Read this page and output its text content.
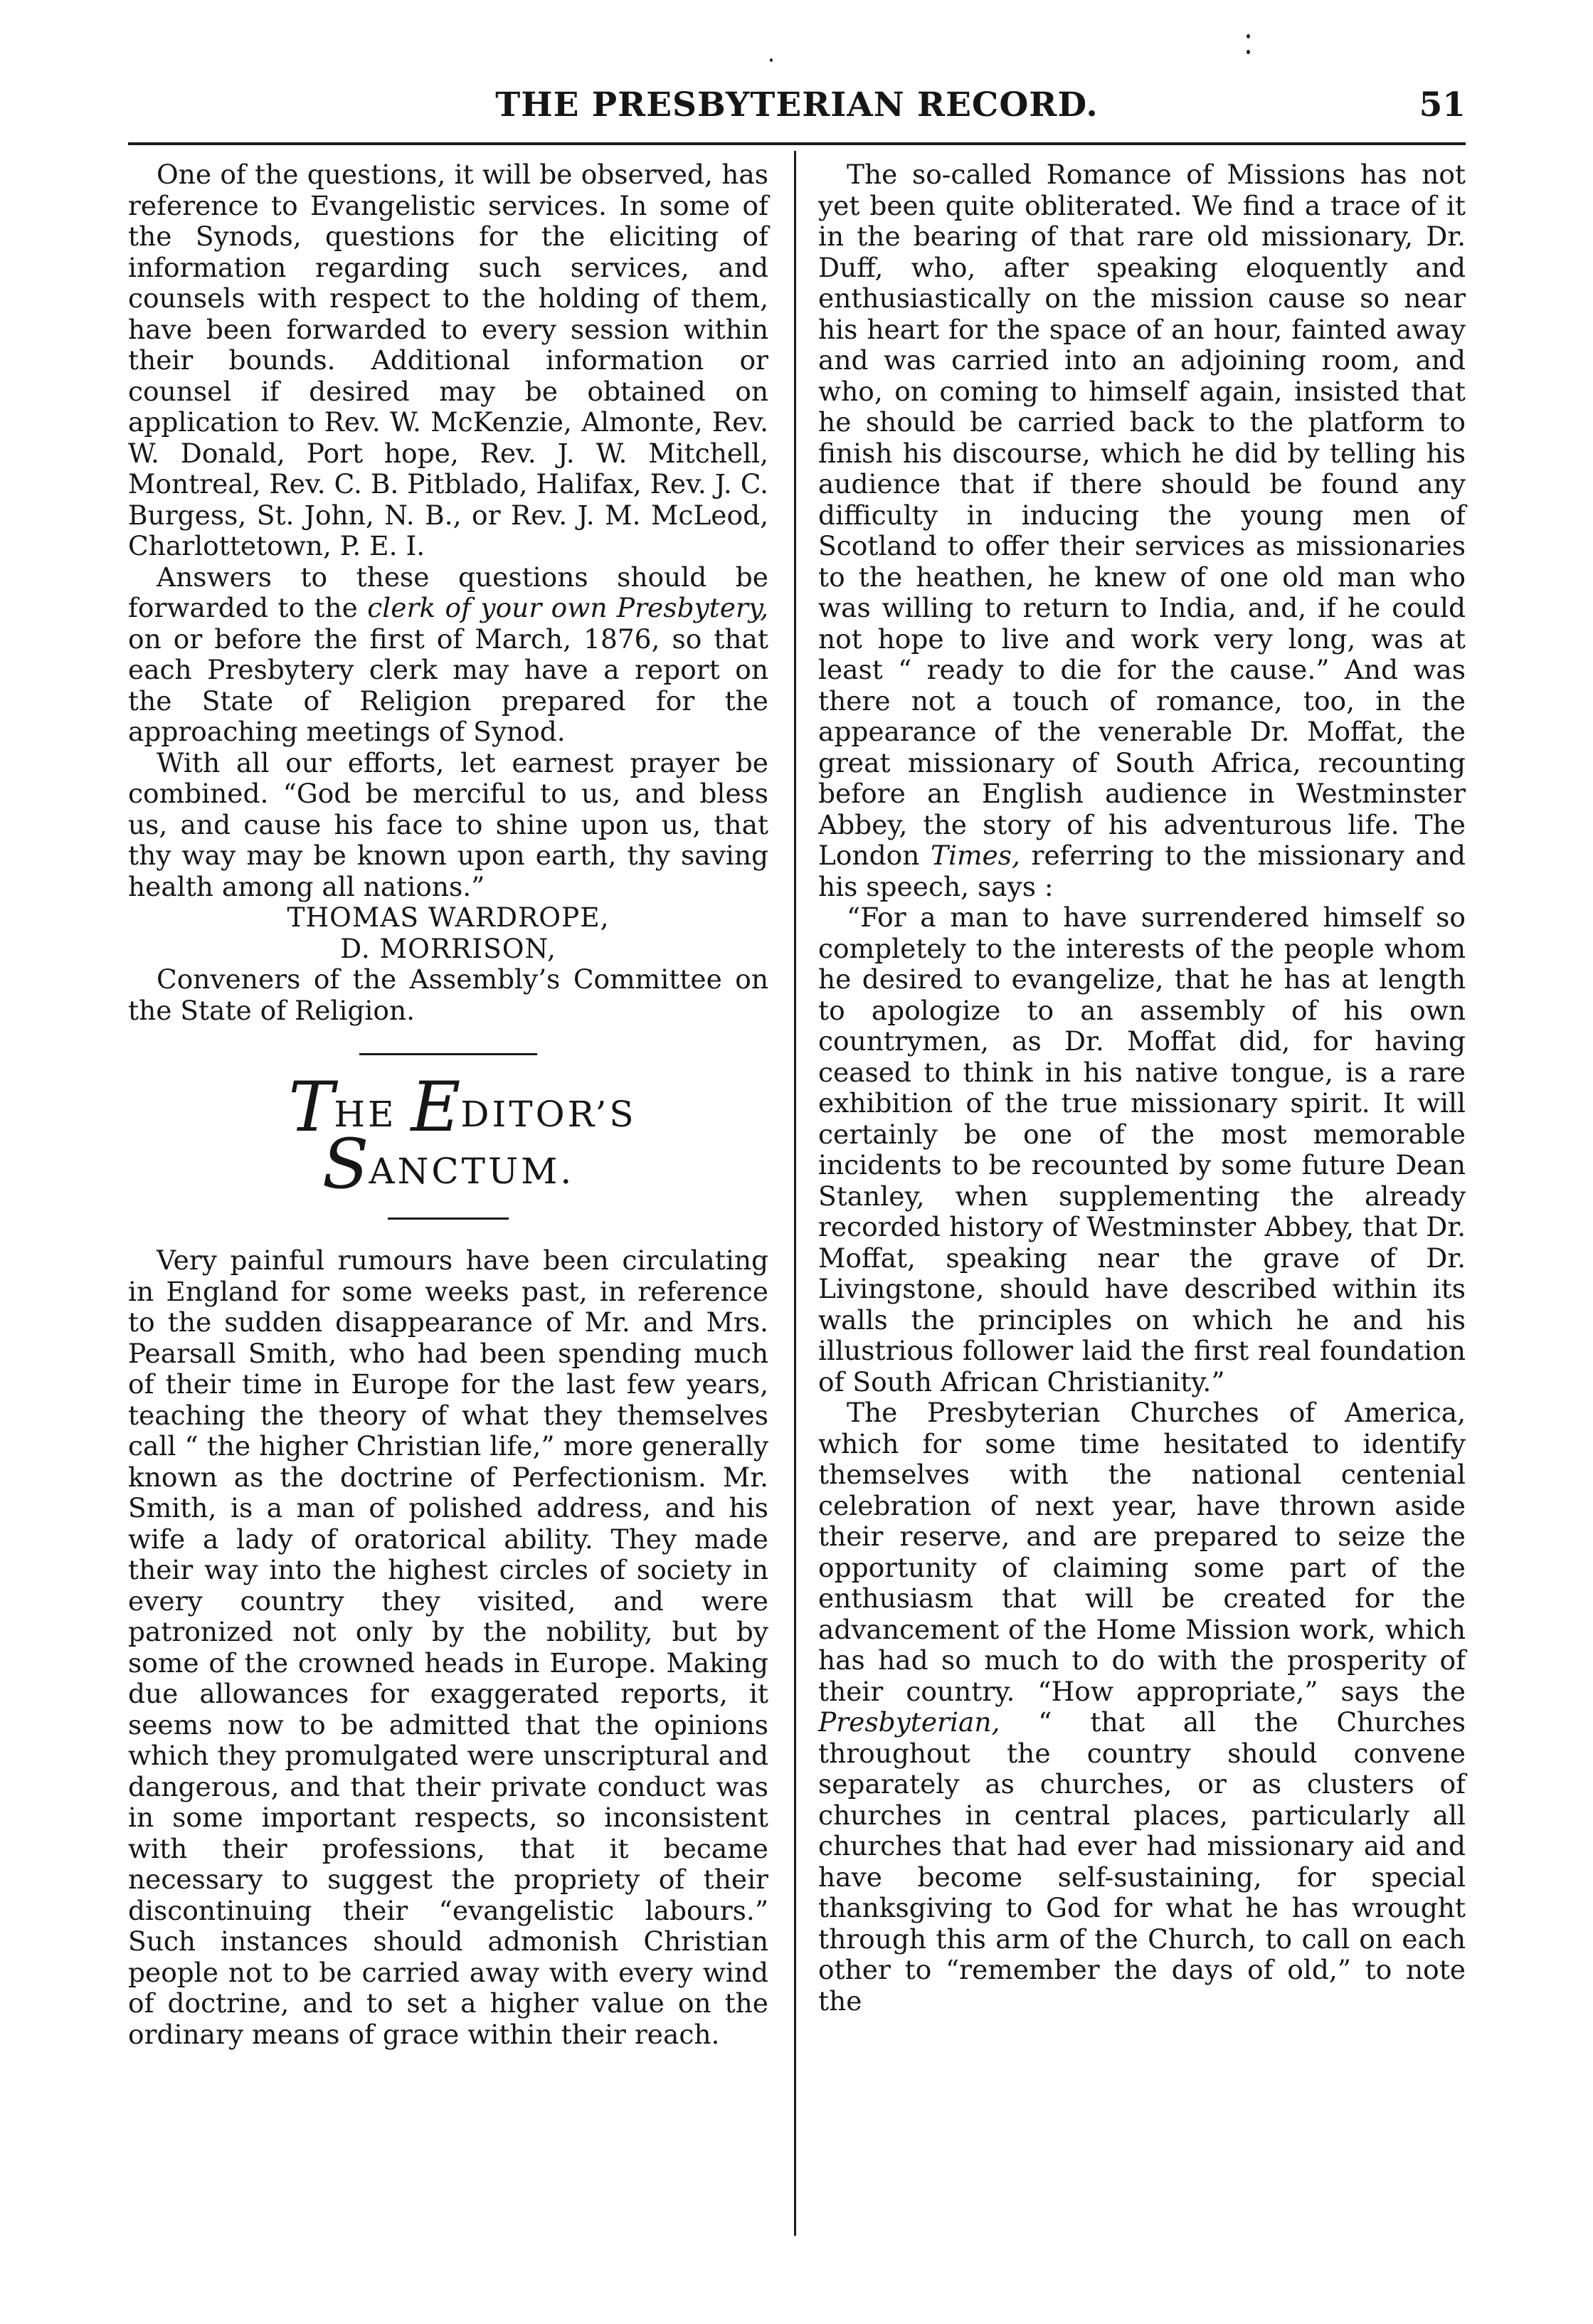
THE PRESBYTERIAN RECORD.	51

One of the questions, it will be observed, has reference to Evangelistic services. In some of the Synods, questions for the eliciting of information regarding such services, and counsels with respect to the holding of them, have been forwarded to every session within their bounds. Additional information or counsel if desired may be obtained on application to Rev. W. McKenzie, Almonte, Rev. W. Donald, Port hope, Rev. J. W. Mitchell, Montreal, Rev. C. B. Pitblado, Halifax, Rev. J. C. Burgess, St. John, N. B., or Rev. J. M. McLeod, Charlottetown, P. E. I.

Answers to these questions should be forwarded to the clerk of your own Presbytery, on or before the first of March, 1876, so that each Presbytery clerk may have a report on the State of Religion prepared for the approaching meetings of Synod.

With all our efforts, let earnest prayer be combined. “God be merciful to us, and bless us, and cause his face to shine upon us, that thy way may be known upon earth, thy saving health among all nations.”

THOMAS WARDROPE,

D. MORRISON,

Conveners of the Assembly’s Committee on the State of Religion.

THE EDITOR’S SANCTUM.

Very painful rumours have been circulating in England for some weeks past, in reference to the sudden disappearance of Mr. and Mrs. Pearsall Smith, who had been spending much of their time in Europe for the last few years, teaching the theory of what they themselves call “ the higher Christian life,” more generally known as the doctrine of Perfectionism. Mr. Smith, is a man of polished address, and his wife a lady of oratorical ability. They made their way into the highest circles of society in every country they visited, and were patronized not only by the nobility, but by some of the crowned heads in Europe. Making due allowances for exaggerated reports, it seems now to be admitted that the opinions which they promulgated were unscriptural and dangerous, and that their private conduct was in some important respects, so inconsistent with their professions, that it became necessary to suggest the propriety of their discontinuing their “evangelistic labours.” Such instances should admonish Christian people not to be carried away with every wind of doctrine, and to set a higher value on the ordinary means of grace within their reach.

The so-called Romance of Missions has not yet been quite obliterated. We find a trace of it in the bearing of that rare old missionary, Dr. Duff, who, after speaking eloquently and enthusiastically on the mission cause so near his heart for the space of an hour, fainted away and was carried into an adjoining room, and who, on coming to himself again, insisted that he should be carried back to the platform to finish his discourse, which he did by telling his audience that if there should be found any difficulty in inducing the young men of Scotland to offer their services as missionaries to the heathen, he knew of one old man who was willing to return to India, and, if he could not hope to live and work very long, was at least “ ready to die for the cause.” And was there not a touch of romance, too, in the appearance of the venerable Dr. Moffat, the great missionary of South Africa, recounting before an English audience in Westminster Abbey, the story of his adventurous life. The London Times, referring to the missionary and his speech, says :

“For a man to have surrendered himself so completely to the interests of the people whom he desired to evangelize, that he has at length to apologize to an assembly of his own countrymen, as Dr. Moffat did, for having ceased to think in his native tongue, is a rare exhibition of the true missionary spirit. It will certainly be one of the most memorable incidents to be recounted by some future Dean Stanley, when supplementing the already recorded history of Westminster Abbey, that Dr. Moffat, speaking near the grave of Dr. Livingstone, should have described within its walls the principles on which he and his illustrious follower laid the first real foundation of South African Christianity.”

The Presbyterian Churches of America, which for some time hesitated to identify themselves with the national centenial celebration of next year, have thrown aside their reserve, and are prepared to seize the opportunity of claiming some part of the enthusiasm that will be created for the advancement of the Home Mission work, which has had so much to do with the prosperity of their country. “How appropriate,” says the Presbyterian, “ that all the Churches throughout the country should convene separately as churches, or as clusters of churches in central places, particularly all churches that had ever had missionary aid and have become self-sustaining, for special thanksgiving to God for what he has wrought through this arm of the Church, to call on each other to “remember the days of old,” to note the
